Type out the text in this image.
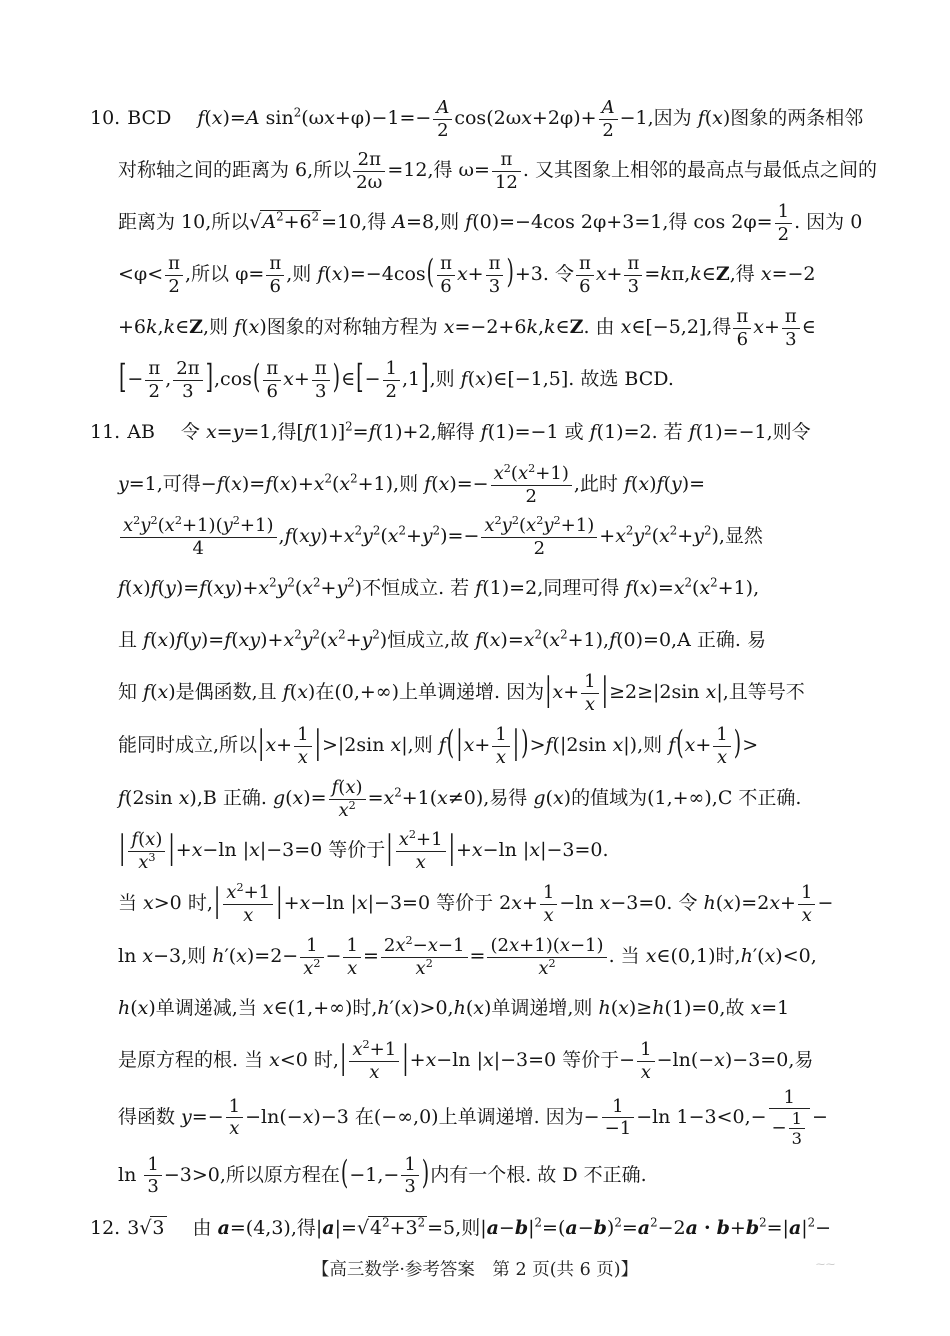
10. BCD f(x)=A $\sin^2(\omega x+\varphi)-1=- \frac{A}{2} \cos(2\omega x+2\varphi)+ \frac{A}{2} -1$,因为 f(x)图象的两条相邻
对称轴之间的距离为 6,所以 $\frac{2\pi}{2\omega} =12$,得 $\omega= \frac{\pi}{12}$ . 又其图象上相邻的最高点与最低点之间的
距离为 10,所以$√A^2+6^2 =10$,得 A=8,则 f(0)=−4cos 2φ+3=1,得 $\cos 2\varphi= \frac{1}{2}$ . 因为 0
$<\varphi< \frac{\pi}{2}$ ,所以 $\varphi= \frac{\pi}{6}$ ,则 $f(x)=-4\cos( \frac{\pi}{6} x+ \frac{\pi}{3} )+3$. 令 $\frac{\pi}{6} x+ \frac{\pi}{3}$ =kπ,k∈Z,得 x=−2
+6k,k∈Z,则 f(x)图象的对称轴方程为 x=−2+6k,k∈Z. 由 x∈[−5,2],得 $\frac{\pi}{6} x+ \frac{\pi}{3}$ ∈
[− $\frac{\pi}{2}$ , $\frac{2\pi}{3} ],\cos( \frac{\pi}{6} x+ \frac{\pi}{3}$ )∈[− $\frac{1}{2} ,1$],则 f(x)∈[−1,5]. 故选 BCD.
11. AB 令 x=y=1,得$[f(1)]^2=f(1)+2$,解得 f(1)=−1 或 f(1)=2. 若 f(1)=−1,则令
y=1,可得$-f(x)=f(x)+x^2(x^2+1)$,则 $f(x)=- \frac{x^2(x^2+1)}{2}$ ,此时 f(x)f(y)=
$\frac{x^2y^2(x^2+1)(y^2+1)}{4} ,f(xy)+x^2y^2(x^2+y^2)=- \frac{x^2y^2(x^2y^2+1)}{2} +x^2y^2(x^2+y^2)$,显然
$f(x)f(y)=f(xy)+x^2y^2(x^2+y^2)$不恒成立. 若 f(1)=2,同理可得 $f(x)=x^2(x^2+1)$,
且 $f(x)f(y)=f(xy)+x^2y^2(x^2+y^2)$恒成立,故 $f(x)=x^2(x^2+1),f(0)=0,A$ 正确. 易
知 f(x)是偶函数,且 f(x)在(0,+∞)上单调递增. 因为$|x+ \frac{1}{x} |\ge 2\ge|2\sin$ x|,且等号不
能同时成立,所以$|x+ \frac{1}{x} |>|2\sin$ x|,则 f( $|x+ \frac{1}{x}$ | )>f(|2sin x|),则 $f(x+ \frac{1}{x}$ )>
f(2sin x),B 正确. $g(x)= \frac{f(x)}{x^2} =x^2+1(x\ne 0)$,易得 g(x)的值域为(1,+∞),C 不正确.
| $\frac{f(x)}{x^3} |+x-\ln$ |x|−3=0 等价于| $\frac{x^2+1}{x} |+x-\ln$ |x|−3=0.
当 x>0 时,| $\frac{x^2+1}{x} |+x-\ln$ |x|−3=0 等价于 $2x+ \frac{1}{x} -\ln$ x−3=0. 令 $h(x)=2x+ \frac{1}{x}$ −
ln x−3,则 $h'(x)=2- \frac{1}{x^2} - \frac{1}{x} = \frac{2x^2-x-1}{x^2} = \frac{(2x+1)(x-1)}{x^2}$ . 当 x∈(0,1)时,h′(x)<0,
h(x)单调递减,当 x∈(1,+∞)时,h′(x)>0,h(x)单调递增,则 h(x)≥h(1)=0,故 x=1
是原方程的根. 当 x<0 时,| $\frac{x^2+1}{x} |+x-\ln$ |x|−3=0 等价于− $\frac{1}{x} -\ln(-x)-3=0$,易
得函数 $y=- \frac{1}{x} -\ln(-x)-3$ 在(−∞,0)上单调递增. 因为− $\frac{1}{-1} -\ln$ $1-3<0,- \frac{1}{- \frac{1}{3}}$ −
$\ln \frac{1}{3} -3>0$,所以原方程在($-1,- \frac{1}{3}$ )内有一个根. 故 D 不正确.
12. 3√3 由 a=(4,3),得$|a|=√4^2+3^2 =5$,则$|a-b|^2=(a-b)^2=a^2-2a \cdot b+b^2=|a|^2-$
【高三数学·参考答案　第 2 页(共 6 页)】	⁓⁓
